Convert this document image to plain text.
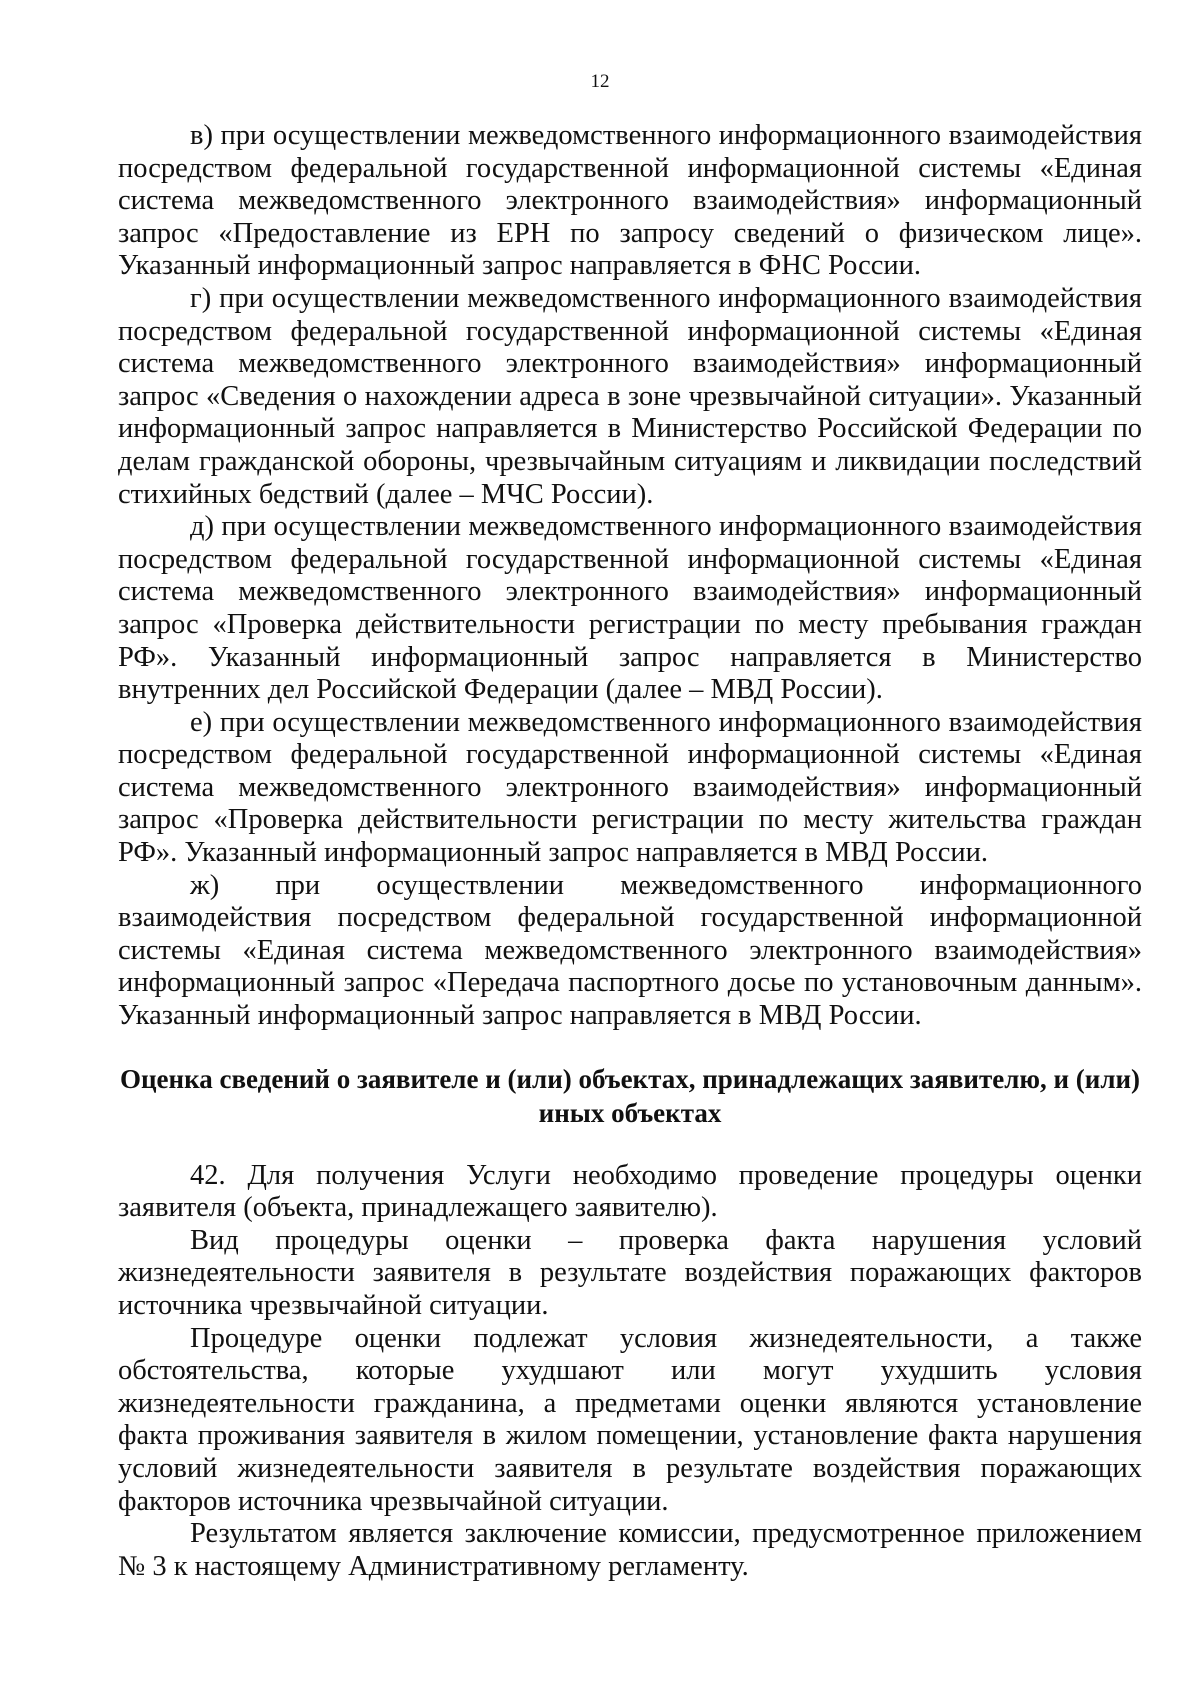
12

в) при осуществлении межведомственного информационного взаимодействия посредством федеральной государственной информационной системы «Единая система межведомственного электронного взаимодействия» информационный запрос «Предоставление из ЕРН по запросу сведений о физическом лице». Указанный информационный запрос направляется в ФНС России.

г) при осуществлении межведомственного информационного взаимодействия посредством федеральной государственной информационной системы «Единая система межведомственного электронного взаимодействия» информационный запрос «Сведения о нахождении адреса в зоне чрезвычайной ситуации». Указанный информационный запрос направляется в Министерство Российской Федерации по делам гражданской обороны, чрезвычайным ситуациям и ликвидации последствий стихийных бедствий (далее – МЧС России).

д) при осуществлении межведомственного информационного взаимодействия посредством федеральной государственной информационной системы «Единая система межведомственного электронного взаимодействия» информационный запрос «Проверка действительности регистрации по месту пребывания граждан РФ». Указанный информационный запрос направляется в Министерство внутренних дел Российской Федерации (далее – МВД России).

е) при осуществлении межведомственного информационного взаимодействия посредством федеральной государственной информационной системы «Единая система межведомственного электронного взаимодействия» информационный запрос «Проверка действительности регистрации по месту жительства граждан РФ». Указанный информационный запрос направляется в МВД России.

ж) при осуществлении межведомственного информационного взаимодействия посредством федеральной государственной информационной системы «Единая система межведомственного электронного взаимодействия» информационный запрос «Передача паспортного досье по установочным данным». Указанный информационный запрос направляется в МВД России.

Оценка сведений о заявителе и (или) объектах, принадлежащих заявителю, и (или) иных объектах

42. Для получения Услуги необходимо проведение процедуры оценки заявителя (объекта, принадлежащего заявителю).

Вид процедуры оценки – проверка факта нарушения условий жизнедеятельности заявителя в результате воздействия поражающих факторов источника чрезвычайной ситуации.

Процедуре оценки подлежат условия жизнедеятельности, а также обстоятельства, которые ухудшают или могут ухудшить условия жизнедеятельности гражданина, а предметами оценки являются установление факта проживания заявителя в жилом помещении, установление факта нарушения условий жизнедеятельности заявителя в результате воздействия поражающих факторов источника чрезвычайной ситуации.

Результатом является заключение комиссии, предусмотренное приложением № 3 к настоящему Административному регламенту.
